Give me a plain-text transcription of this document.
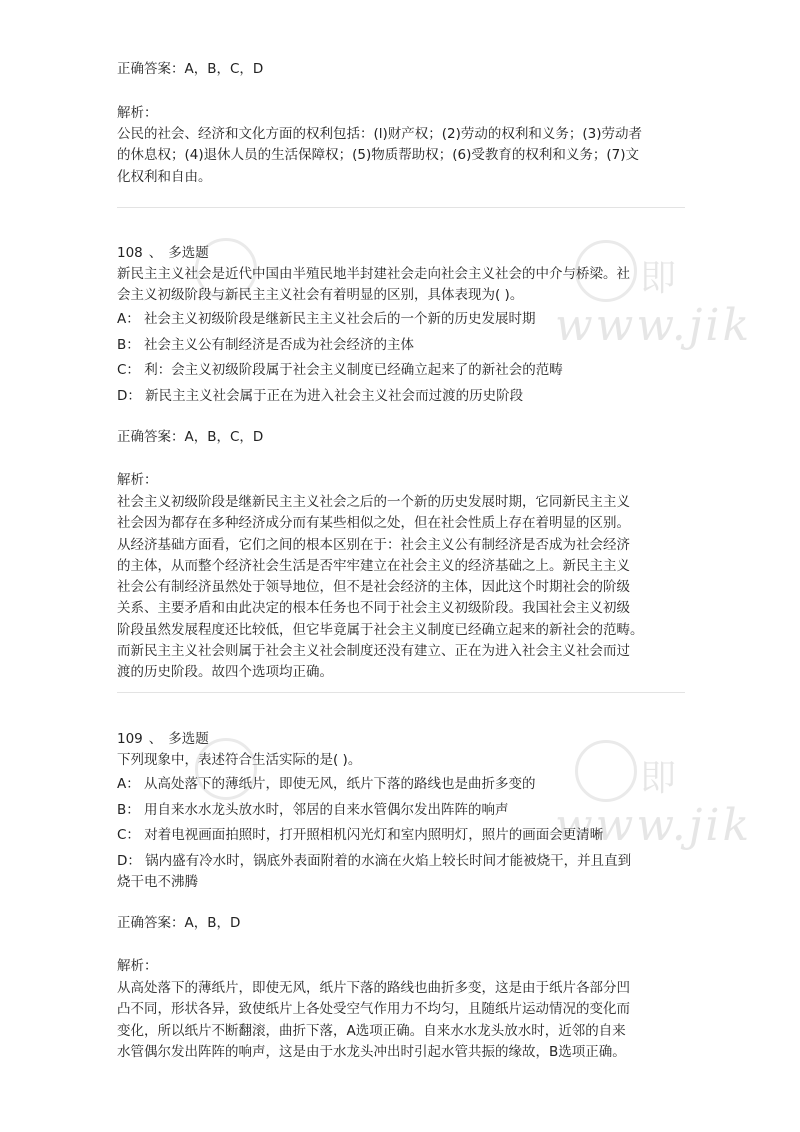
即
www.jik
即
www.jik

正确答案：A，B，C，D

解析：

公民的社会、经济和文化方面的权利包括：(l)财产权；(2)劳动的权利和义务；(3)劳动者

的休息权；(4)退休人员的生活保障权；(5)物质帮助权；(6)受教育的权利和义务；(7)文

化权利和自由。

108 、 多选题

新民主主义社会是近代中国由半殖民地半封建社会走向社会主义社会的中介与桥梁。社

会主义初级阶段与新民主主义社会有着明显的区别，具体表现为( )。

A： 社会主义初级阶段是继新民主主义社会后的一个新的历史发展时期

B： 社会主义公有制经济是否成为社会经济的主体

C： 利：会主义初级阶段属于社会主义制度已经确立起来了的新社会的范畴

D： 新民主主义社会属于正在为进入社会主义社会而过渡的历史阶段

正确答案：A，B，C，D

解析：

社会主义初级阶段是继新民主主义社会之后的一个新的历史发展时期，它同新民主主义

社会因为都存在多种经济成分而有某些相似之处，但在社会性质上存在着明显的区别。

从经济基础方面看，它们之间的根本区别在于：社会主义公有制经济是否成为社会经济

的主体，从而整个经济社会生活是否牢牢建立在社会主义的经济基础之上。新民主主义

社会公有制经济虽然处于领导地位，但不是社会经济的主体，因此这个时期社会的阶级

关系、主要矛盾和由此决定的根本任务也不同于社会主义初级阶段。我国社会主义初级

阶段虽然发展程度还比较低，但它毕竟属于社会主义制度已经确立起来的新社会的范畴。

而新民主主义社会则属于社会主义社会制度还没有建立、正在为进入社会主义社会而过

渡的历史阶段。故四个选项均正确。

109 、 多选题

下列现象中，表述符合生活实际的是( )。

A： 从高处落下的薄纸片，即使无风，纸片下落的路线也是曲折多变的

B： 用自来水水龙头放水时，邻居的自来水管偶尔发出阵阵的响声

C： 对着电视画面拍照时，打开照相机闪光灯和室内照明灯，照片的画面会更清晰

D： 锅内盛有冷水时，锅底外表面附着的水滴在火焰上较长时间才能被烧干，并且直到

烧干电不沸腾

正确答案：A，B，D

解析：

从高处落下的薄纸片，即使无风，纸片下落的路线也曲折多变，这是由于纸片各部分凹

凸不同，形状各异，致使纸片上各处受空气作用力不均匀，且随纸片运动情况的变化而

变化，所以纸片不断翻滚，曲折下落，A选项正确。自来水水龙头放水时，近邻的自来

水管偶尔发出阵阵的响声，这是由于水龙头冲出时引起水管共振的缘故，B选项正确。
